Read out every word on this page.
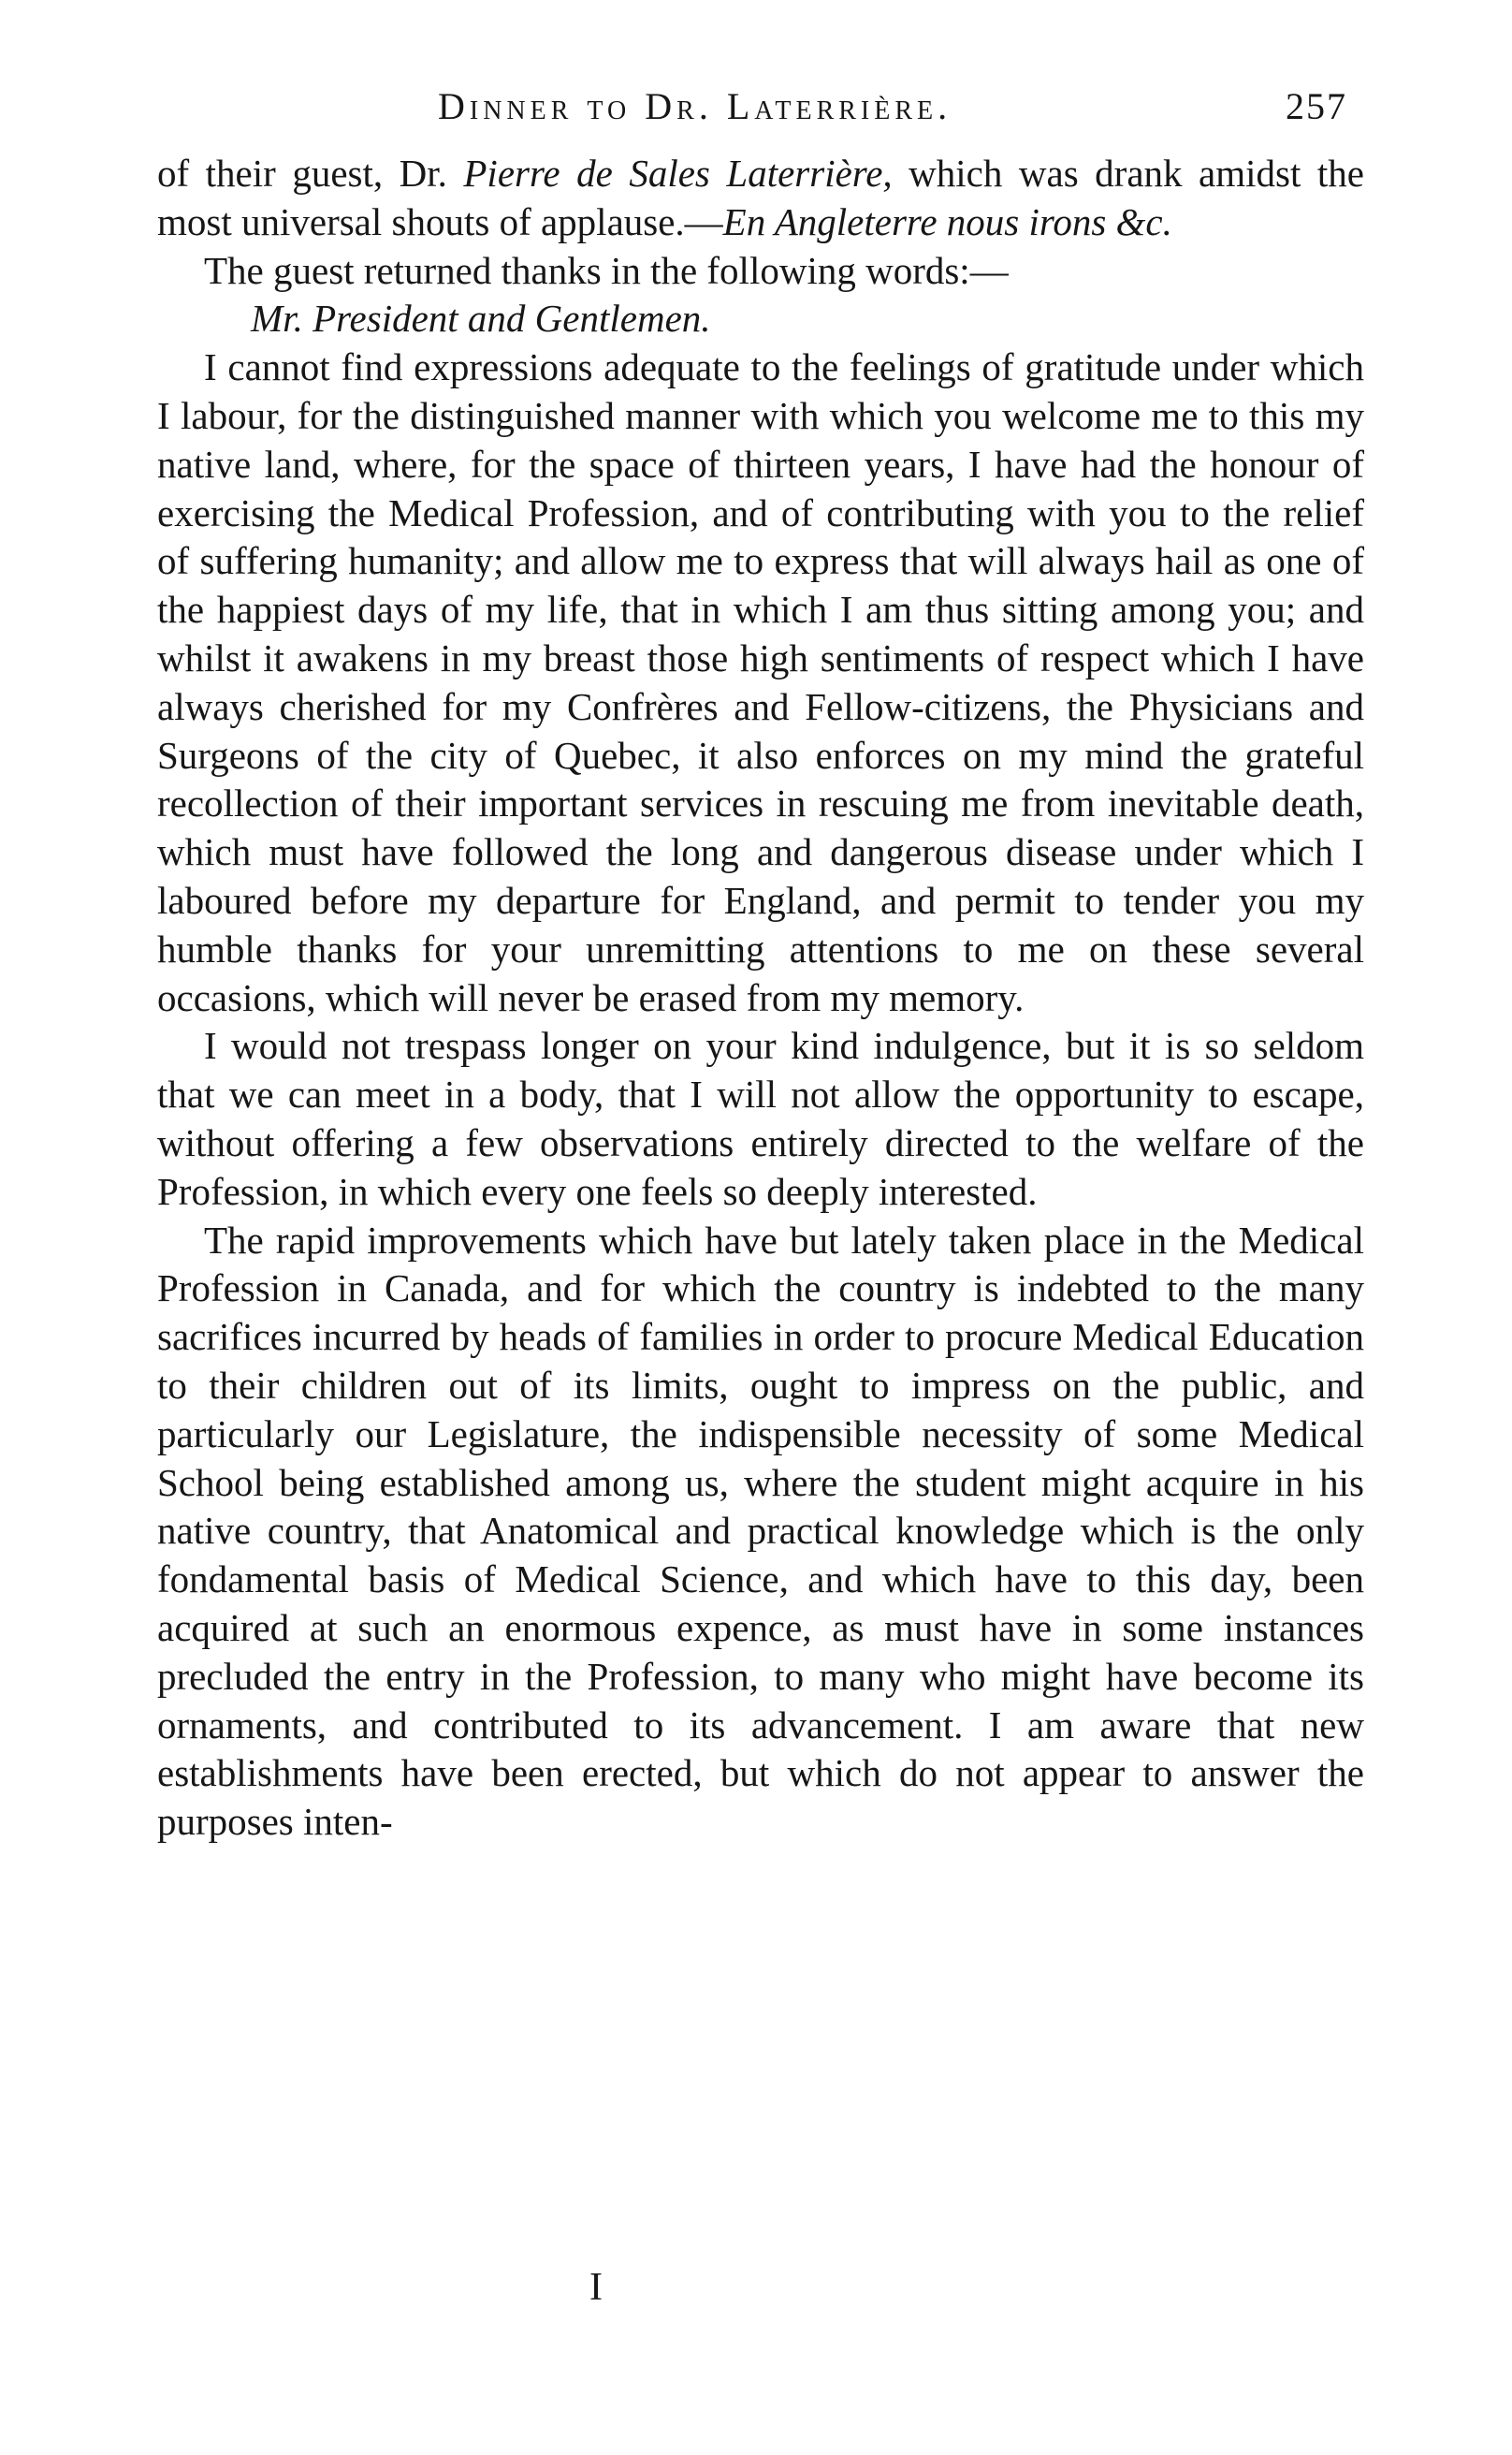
Dinner to Dr. Laterrière.	257

of their guest, Dr. Pierre de Sales Laterrière, which was drank amidst the most universal shouts of applause.—En Angleterre nous irons &c.

The guest returned thanks in the following words:—

Mr. President and Gentlemen.

I cannot find expressions adequate to the feelings of gratitude under which I labour, for the distinguished manner with which you welcome me to this my native land, where, for the space of thirteen years, I have had the honour of exercising the Medical Profession, and of contributing with you to the relief of suffering humanity; and allow me to express that will always hail as one of the happiest days of my life, that in which I am thus sitting among you; and whilst it awakens in my breast those high sentiments of respect which I have always cherished for my Confrères and Fellow-citizens, the Physicians and Surgeons of the city of Quebec, it also enforces on my mind the grateful recollection of their important services in rescuing me from inevitable death, which must have followed the long and dangerous disease under which I laboured before my departure for England, and permit to tender you my humble thanks for your unremitting attentions to me on these several occasions, which will never be erased from my memory.

I would not trespass longer on your kind indulgence, but it is so seldom that we can meet in a body, that I will not allow the opportunity to escape, without offering a few observations entirely directed to the welfare of the Profession, in which every one feels so deeply interested.

The rapid improvements which have but lately taken place in the Medical Profession in Canada, and for which the country is indebted to the many sacrifices incurred by heads of families in order to procure Medical Education to their children out of its limits, ought to impress on the public, and particularly our Legislature, the indispensible necessity of some Medical School being established among us, where the student might acquire in his native country, that Anatomical and practical knowledge which is the only fondamental basis of Medical Science, and which have to this day, been acquired at such an enormous expence, as must have in some instances precluded the entry in the Profession, to many who might have become its ornaments, and contributed to its advancement. I am aware that new establishments have been erected, but which do not appear to answer the purposes inten-

I
